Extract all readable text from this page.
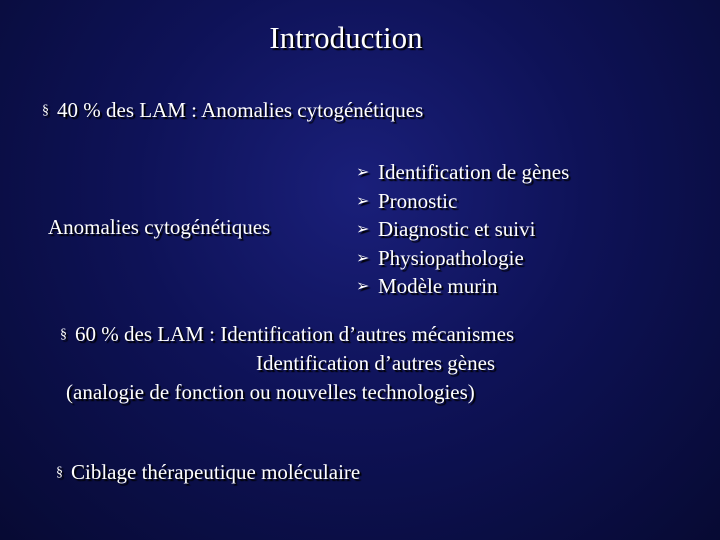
Introduction
§ 40 % des LAM : Anomalies cytogénétiques
Anomalies cytogénétiques
➢ Identification de gènes
➢ Pronostic
➢ Diagnostic et suivi
➢ Physiopathologie
➢ Modèle murin
§ 60 % des LAM : Identification d’autres mécanismes
Identification d’autres gènes
(analogie de fonction ou nouvelles technologies)
§ Ciblage thérapeutique moléculaire
